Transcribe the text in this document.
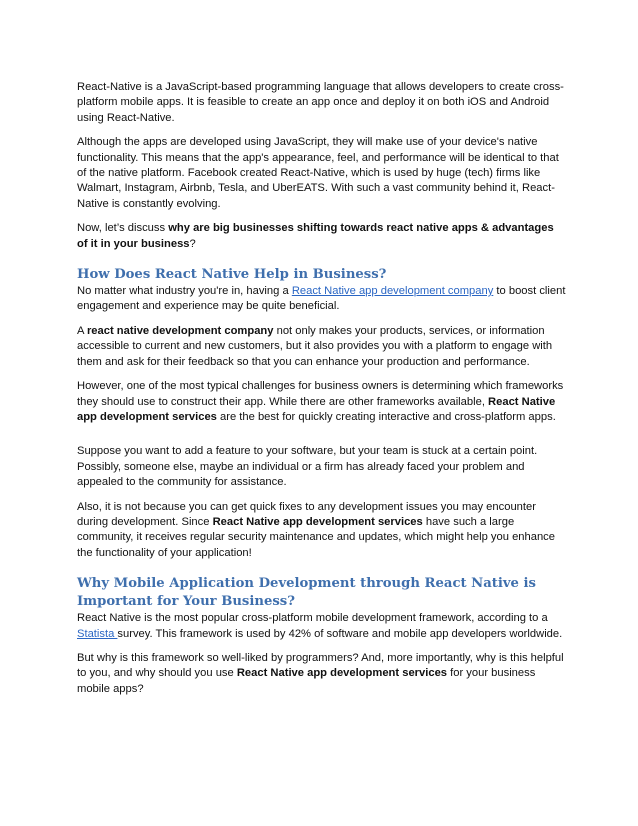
React-Native is a JavaScript-based programming language that allows developers to create cross-platform mobile apps. It is feasible to create an app once and deploy it on both iOS and Android using React-Native.

Although the apps are developed using JavaScript, they will make use of your device's native functionality. This means that the app's appearance, feel, and performance will be identical to that of the native platform. Facebook created React-Native, which is used by huge (tech) firms like Walmart, Instagram, Airbnb, Tesla, and UberEATS. With such a vast community behind it, React-Native is constantly evolving.

Now, let’s discuss why are big businesses shifting towards react native apps & advantages of it in your business?

How Does React Native Help in Business?

No matter what industry you're in, having a React Native app development company to boost client engagement and experience may be quite beneficial.

A react native development company not only makes your products, services, or information accessible to current and new customers, but it also provides you with a platform to engage with them and ask for their feedback so that you can enhance your production and performance.

However, one of the most typical challenges for business owners is determining which frameworks they should use to construct their app. While there are other frameworks available, React Native app development services are the best for quickly creating interactive and cross-platform apps.

Suppose you want to add a feature to your software, but your team is stuck at a certain point. Possibly, someone else, maybe an individual or a firm has already faced your problem and appealed to the community for assistance.

Also, it is not because you can get quick fixes to any development issues you may encounter during development. Since React Native app development services have such a large community, it receives regular security maintenance and updates, which might help you enhance the functionality of your application!

Why Mobile Application Development through React Native is Important for Your Business?

React Native is the most popular cross-platform mobile development framework, according to a Statista survey. This framework is used by 42% of software and mobile app developers worldwide.

But why is this framework so well-liked by programmers? And, more importantly, why is this helpful to you, and why should you use React Native app development services for your business mobile apps?
